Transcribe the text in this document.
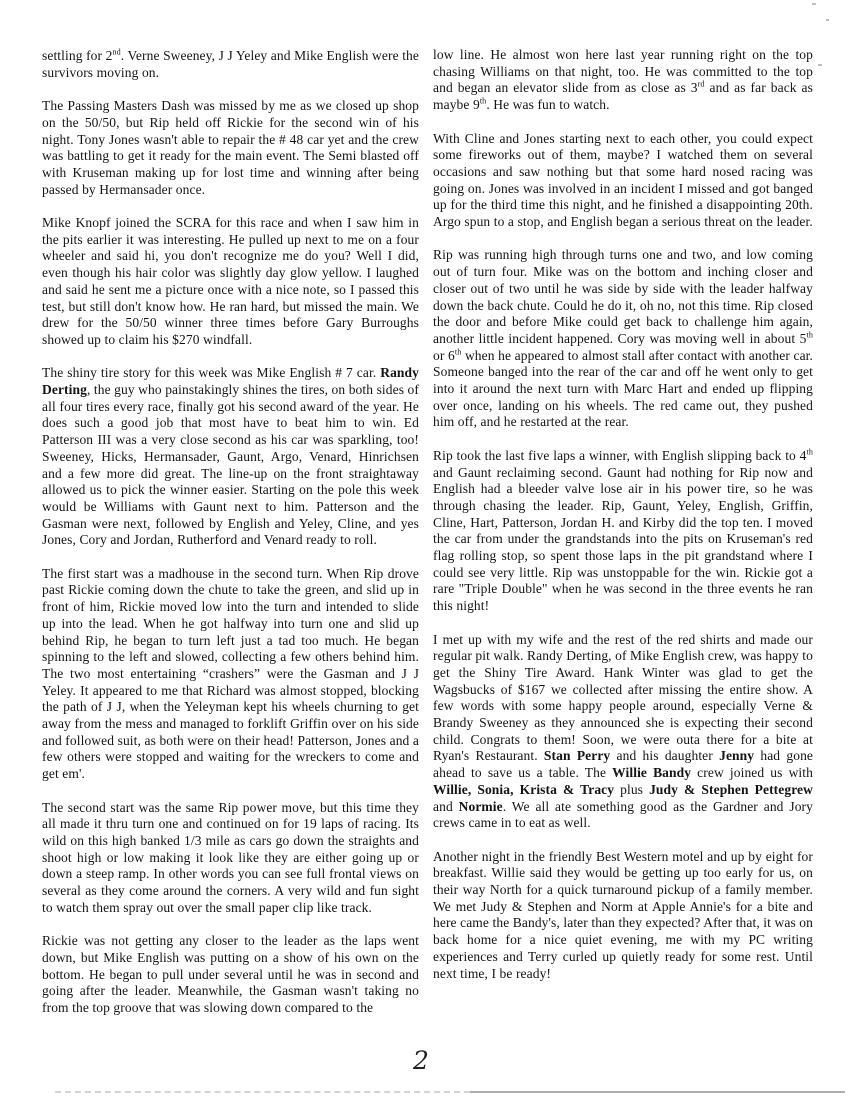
settling for 2nd. Verne Sweeney, J J Yeley and Mike English were the survivors moving on.

The Passing Masters Dash was missed by me as we closed up shop on the 50/50, but Rip held off Rickie for the second win of his night. Tony Jones wasn't able to repair the # 48 car yet and the crew was battling to get it ready for the main event. The Semi blasted off with Kruseman making up for lost time and winning after being passed by Hermansader once.

Mike Knopf joined the SCRA for this race and when I saw him in the pits earlier it was interesting. He pulled up next to me on a four wheeler and said hi, you don't recognize me do you? Well I did, even though his hair color was slightly day glow yellow. I laughed and said he sent me a picture once with a nice note, so I passed this test, but still don't know how. He ran hard, but missed the main. We drew for the 50/50 winner three times before Gary Burroughs showed up to claim his $270 windfall.

The shiny tire story for this week was Mike English # 7 car. Randy Derting, the guy who painstakingly shines the tires, on both sides of all four tires every race, finally got his second award of the year. He does such a good job that most have to beat him to win. Ed Patterson III was a very close second as his car was sparkling, too! Sweeney, Hicks, Hermansader, Gaunt, Argo, Venard, Hinrichsen and a few more did great. The line-up on the front straightaway allowed us to pick the winner easier. Starting on the pole this week would be Williams with Gaunt next to him. Patterson and the Gasman were next, followed by English and Yeley, Cline, and yes Jones, Cory and Jordan, Rutherford and Venard ready to roll.

The first start was a madhouse in the second turn. When Rip drove past Rickie coming down the chute to take the green, and slid up in front of him, Rickie moved low into the turn and intended to slide up into the lead. When he got halfway into turn one and slid up behind Rip, he began to turn left just a tad too much. He began spinning to the left and slowed, collecting a few others behind him. The two most entertaining “crashers” were the Gasman and J J Yeley. It appeared to me that Richard was almost stopped, blocking the path of J J, when the Yeleyman kept his wheels churning to get away from the mess and managed to forklift Griffin over on his side and followed suit, as both were on their head! Patterson, Jones and a few others were stopped and waiting for the wreckers to come and get em'.

The second start was the same Rip power move, but this time they all made it thru turn one and continued on for 19 laps of racing. Its wild on this high banked 1/3 mile as cars go down the straights and shoot high or low making it look like they are either going up or down a steep ramp. In other words you can see full frontal views on several as they come around the corners. A very wild and fun sight to watch them spray out over the small paper clip like track.

Rickie was not getting any closer to the leader as the laps went down, but Mike English was putting on a show of his own on the bottom. He began to pull under several until he was in second and going after the leader. Meanwhile, the Gasman wasn't taking no from the top groove that was slowing down compared to the

low line. He almost won here last year running right on the top chasing Williams on that night, too. He was committed to the top and began an elevator slide from as close as 3rd and as far back as maybe 9th. He was fun to watch.

With Cline and Jones starting next to each other, you could expect some fireworks out of them, maybe? I watched them on several occasions and saw nothing but that some hard nosed racing was going on. Jones was involved in an incident I missed and got banged up for the third time this night, and he finished a disappointing 20th. Argo spun to a stop, and English began a serious threat on the leader.

Rip was running high through turns one and two, and low coming out of turn four. Mike was on the bottom and inching closer and closer out of two until he was side by side with the leader halfway down the back chute. Could he do it, oh no, not this time. Rip closed the door and before Mike could get back to challenge him again, another little incident happened. Cory was moving well in about 5th or 6th when he appeared to almost stall after contact with another car. Someone banged into the rear of the car and off he went only to get into it around the next turn with Marc Hart and ended up flipping over once, landing on his wheels. The red came out, they pushed him off, and he restarted at the rear.

Rip took the last five laps a winner, with English slipping back to 4th and Gaunt reclaiming second. Gaunt had nothing for Rip now and English had a bleeder valve lose air in his power tire, so he was through chasing the leader. Rip, Gaunt, Yeley, English, Griffin, Cline, Hart, Patterson, Jordan H. and Kirby did the top ten. I moved the car from under the grandstands into the pits on Kruseman's red flag rolling stop, so spent those laps in the pit grandstand where I could see very little. Rip was unstoppable for the win. Rickie got a rare "Triple Double" when he was second in the three events he ran this night!

I met up with my wife and the rest of the red shirts and made our regular pit walk. Randy Derting, of Mike English crew, was happy to get the Shiny Tire Award. Hank Winter was glad to get the Wagsbucks of $167 we collected after missing the entire show. A few words with some happy people around, especially Verne & Brandy Sweeney as they announced she is expecting their second child. Congrats to them! Soon, we were outa there for a bite at Ryan's Restaurant. Stan Perry and his daughter Jenny had gone ahead to save us a table. The Willie Bandy crew joined us with Willie, Sonia, Krista & Tracy plus Judy & Stephen Pettegrew and Normie. We all ate something good as the Gardner and Jory crews came in to eat as well.

Another night in the friendly Best Western motel and up by eight for breakfast. Willie said they would be getting up too early for us, on their way North for a quick turnaround pickup of a family member. We met Judy & Stephen and Norm at Apple Annie's for a bite and here came the Bandy's, later than they expected? After that, it was on back home for a nice quiet evening, me with my PC writing experiences and Terry curled up quietly ready for some rest. Until next time, I be ready!

2
